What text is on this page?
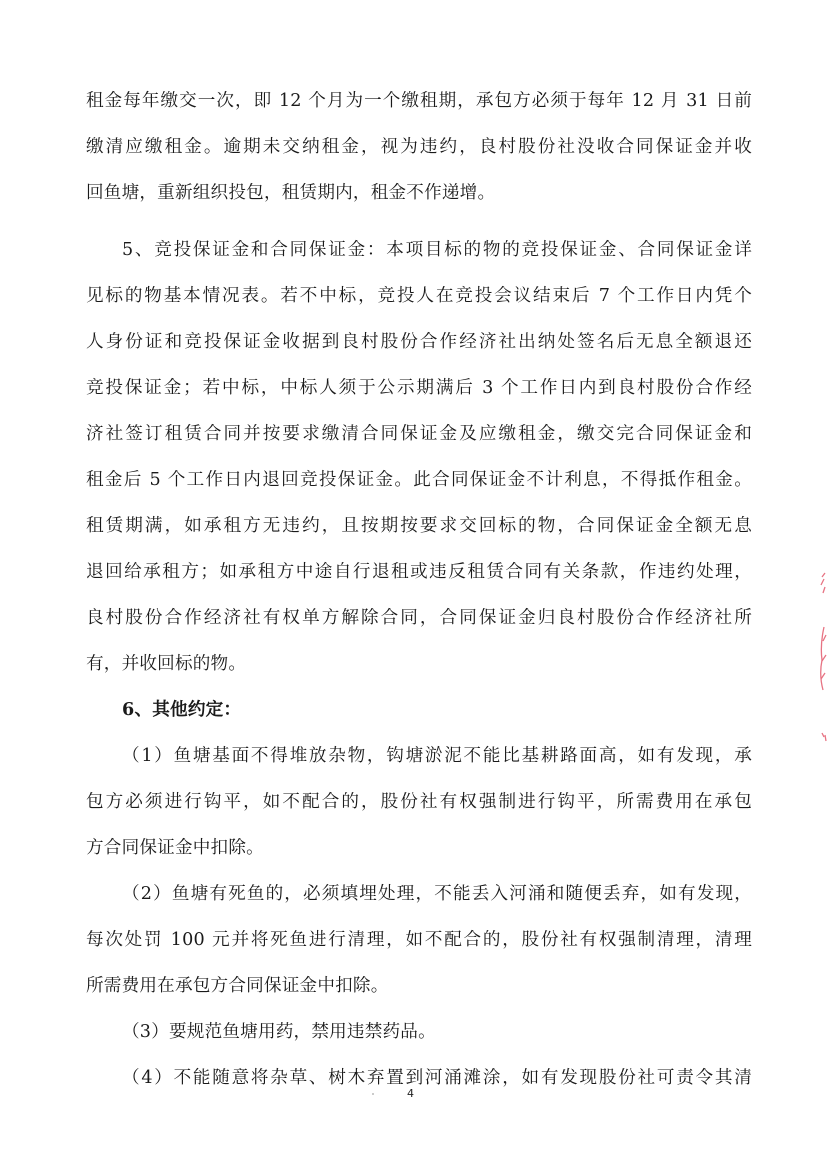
租金每年缴交一次，即 12 个月为一个缴租期，承包方必须于每年 12 月 31 日前
缴清应缴租金。逾期未交纳租金，视为违约，良村股份社没收合同保证金并收
回鱼塘，重新组织投包，租赁期内，租金不作递增。
5、竞投保证金和合同保证金：本项目标的物的竞投保证金、合同保证金详
见标的物基本情况表。若不中标，竞投人在竞投会议结束后 7 个工作日内凭个
人身份证和竞投保证金收据到良村股份合作经济社出纳处签名后无息全额退还
竞投保证金；若中标，中标人须于公示期满后 3 个工作日内到良村股份合作经
济社签订租赁合同并按要求缴清合同保证金及应缴租金，缴交完合同保证金和
租金后 5 个工作日内退回竞投保证金。此合同保证金不计利息，不得抵作租金。
租赁期满，如承租方无违约，且按期按要求交回标的物，合同保证金全额无息
退回给承租方；如承租方中途自行退租或违反租赁合同有关条款，作违约处理，
良村股份合作经济社有权单方解除合同，合同保证金归良村股份合作经济社所
有，并收回标的物。
6、其他约定：
（1）鱼塘基面不得堆放杂物，钩塘淤泥不能比基耕路面高，如有发现，承
包方必须进行钩平，如不配合的，股份社有权强制进行钩平，所需费用在承包
方合同保证金中扣除。
（2）鱼塘有死鱼的，必须填埋处理，不能丢入河涌和随便丢弃，如有发现，
每次处罚 100 元并将死鱼进行清理，如不配合的，股份社有权强制清理，清理
所需费用在承包方合同保证金中扣除。
（3）要规范鱼塘用药，禁用违禁药品。
（4）不能随意将杂草、树木弃置到河涌滩涂，如有发现股份社可责令其清
4
